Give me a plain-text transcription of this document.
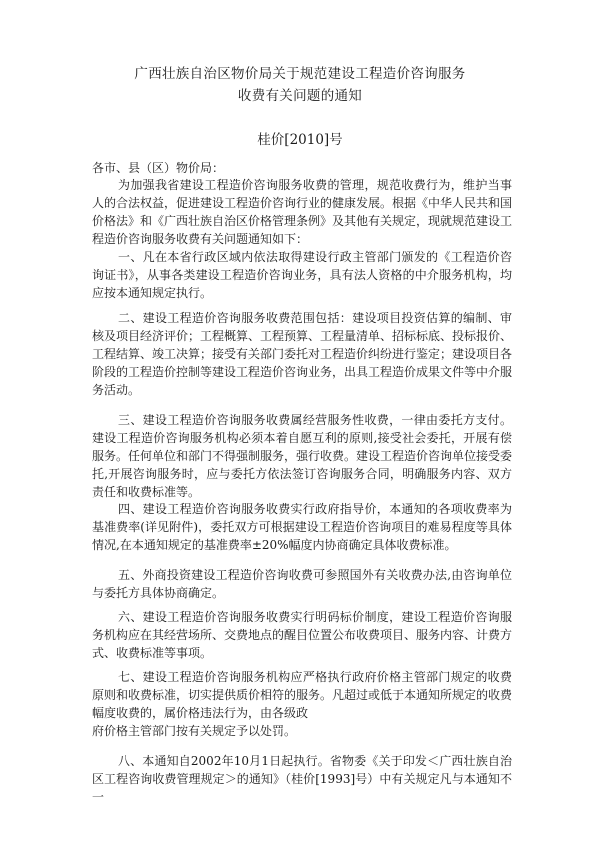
广西壮族自治区物价局关于规范建设工程造价咨询服务
收费有关问题的通知
桂价[2010]号

各市、县（区）物价局：

为加强我省建设工程造价咨询服务收费的管理，规范收费行为，维护当事人的合法权益，促进建设工程造价咨询行业的健康发展。根据《中华人民共和国价格法》和《广西壮族自治区价格管理条例》及其他有关规定，现就规范建设工程造价咨询服务收费有关问题通知如下：

一、凡在本省行政区域内依法取得建设行政主管部门颁发的《工程造价咨询证书》，从事各类建设工程造价咨询业务，具有法人资格的中介服务机构，均应按本通知规定执行。

二、建设工程造价咨询服务收费范围包括：建设项目投资估算的编制、审核及项目经济评价；工程概算、工程预算、工程量清单、招标标底、投标报价、工程结算、竣工决算；接受有关部门委托对工程造价纠纷进行鉴定；建设项目各阶段的工程造价控制等建设工程造价咨询业务，出具工程造价成果文件等中介服务活动。

三、建设工程造价咨询服务收费属经营服务性收费，一律由委托方支付。建设工程造价咨询服务机构必须本着自愿互利的原则,接受社会委托，开展有偿服务。任何单位和部门不得强制服务，强行收费。建设工程造价咨询单位接受委托,开展咨询服务时，应与委托方依法签订咨询服务合同，明确服务内容、双方责任和收费标准等。

四、建设工程造价咨询服务收费实行政府指导价，本通知的各项收费率为基准费率(详见附件)，委托双方可根据建设工程造价咨询项目的难易程度等具体情况,在本通知规定的基准费率±20%幅度内协商确定具体收费标准。

五、外商投资建设工程造价咨询收费可参照国外有关收费办法,由咨询单位与委托方具体协商确定。

六、建设工程造价咨询服务收费实行明码标价制度，建设工程造价咨询服务机构应在其经营场所、交费地点的醒目位置公布收费项目、服务内容、计费方式、收费标准等事项。

七、建设工程造价咨询服务机构应严格执行政府价格主管部门规定的收费原则和收费标准，切实提供质价相符的服务。凡超过或低于本通知所规定的收费幅度收费的，属价格违法行为，由各级政

府价格主管部门按有关规定予以处罚。

八、本通知自2002年10月1日起执行。省物委《关于印发＜广西壮族自治区工程咨询收费管理规定＞的通知》（桂价[1993]号）中有关规定凡与本通知不一
